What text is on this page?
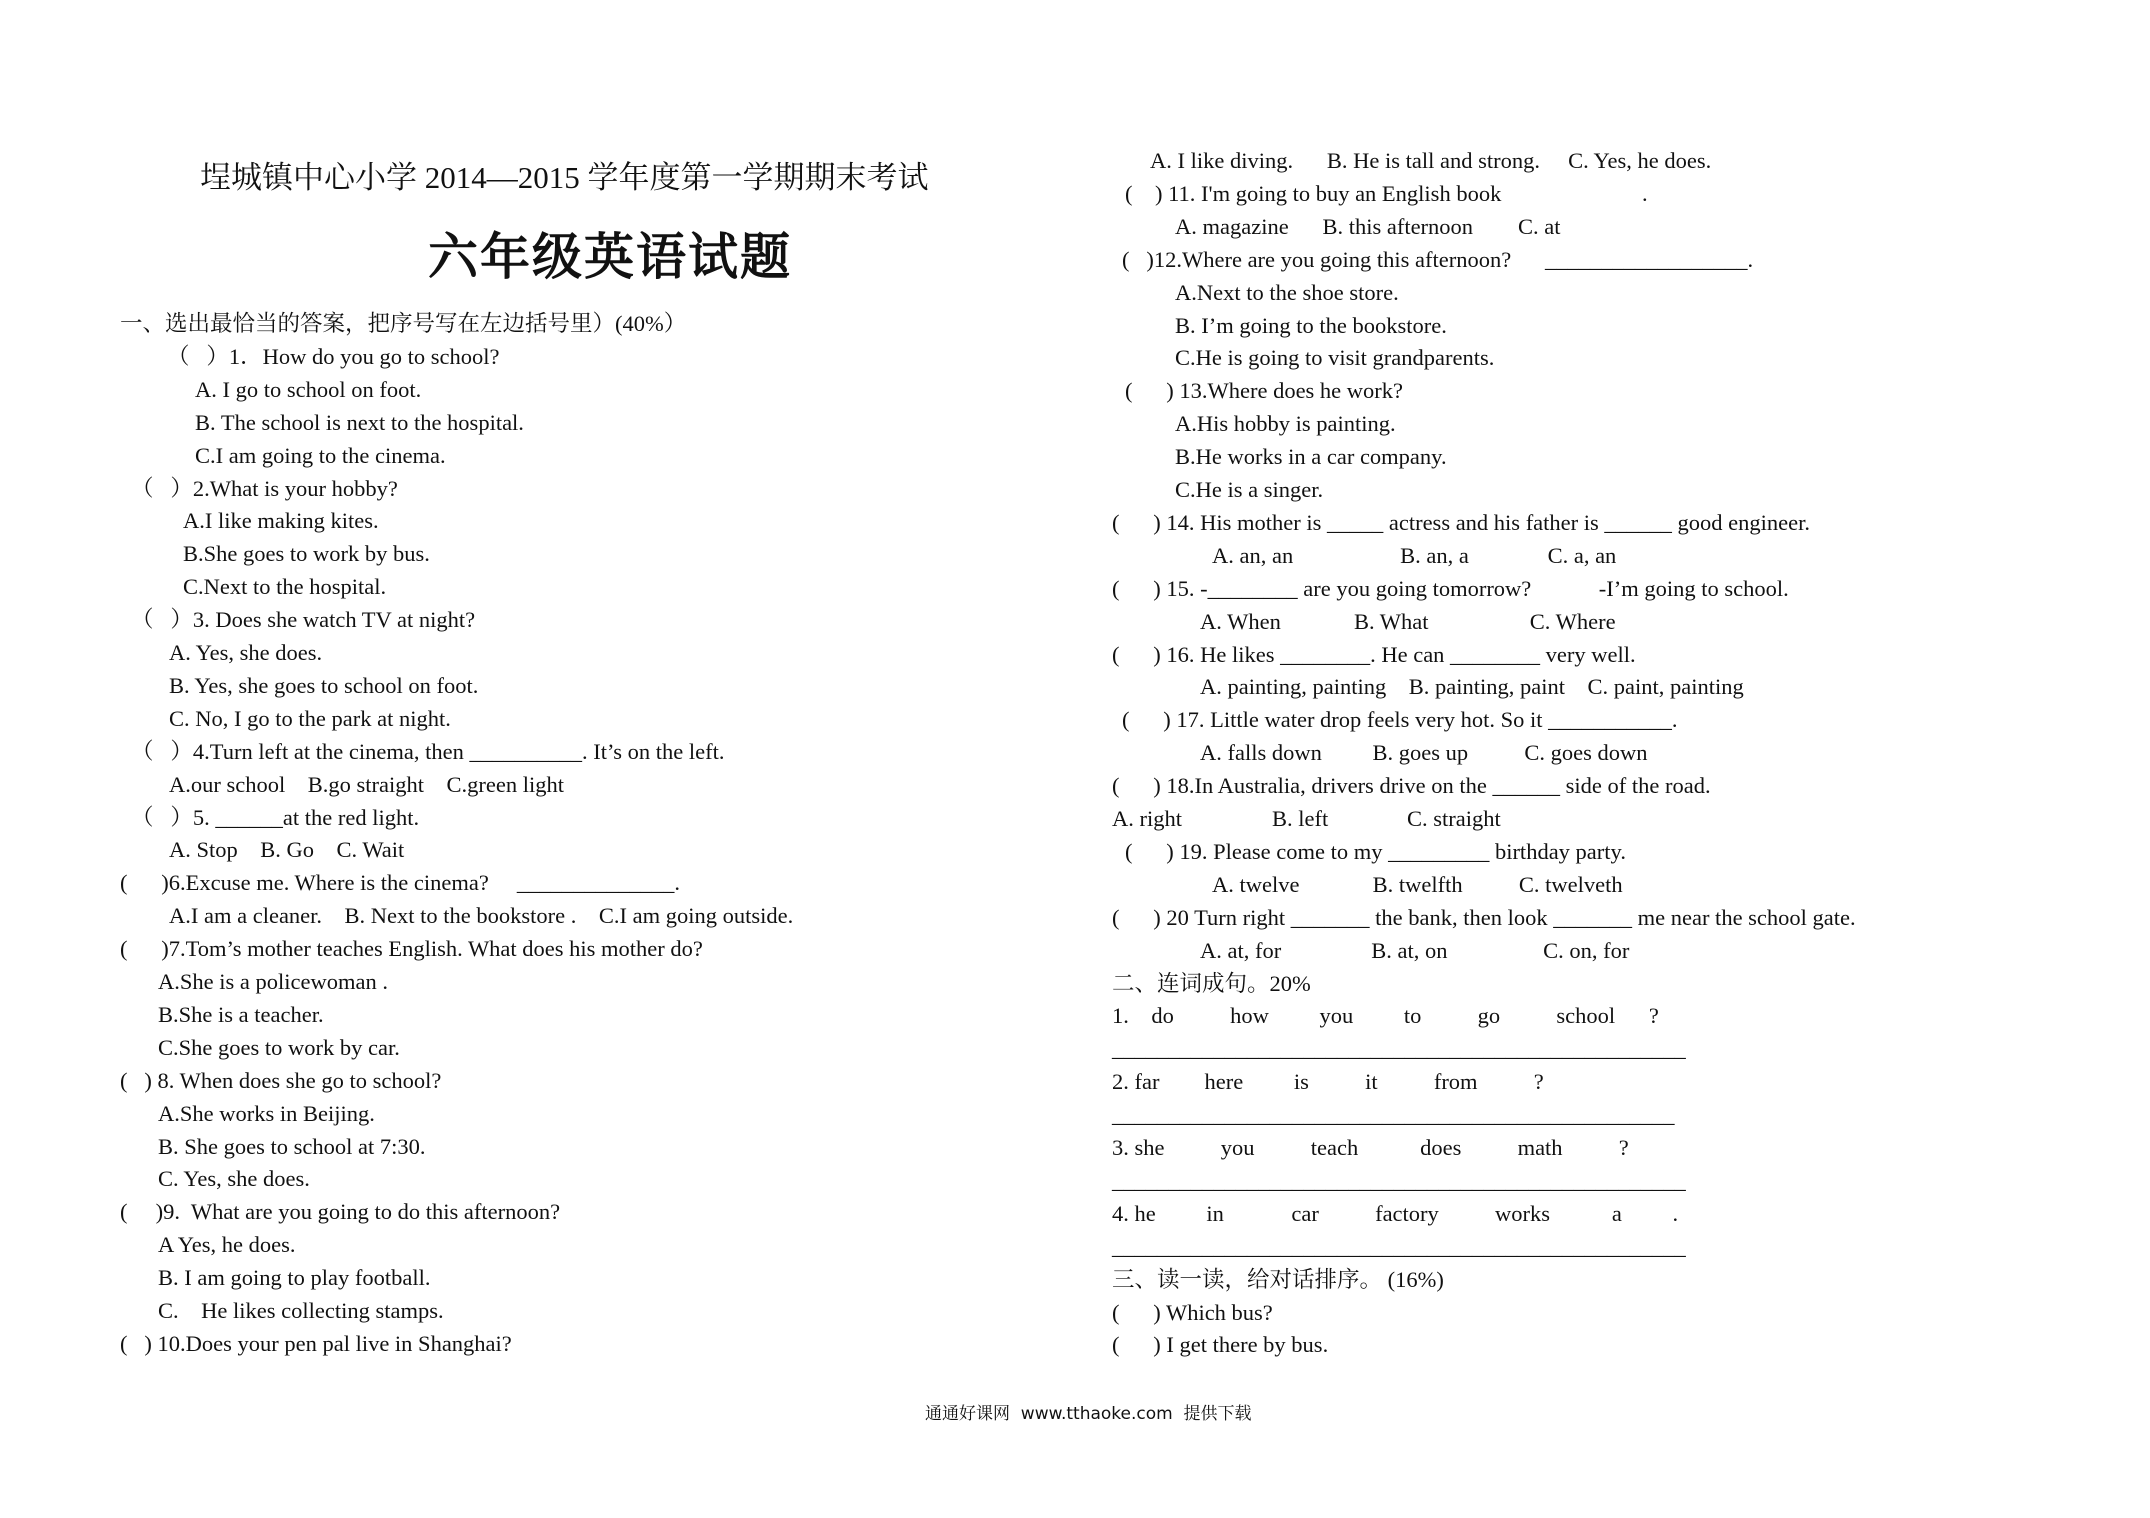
埕城镇中心小学 2014—2015 学年度第一学期期末考试
六年级英语试题
一、选出最恰当的答案，把序号写在左边括号里）(40%）
（   ）1．How do you go to school?
A. I go to school on foot.
B. The school is next to the hospital.
C.I am going to the cinema.
（   ）2.What is your hobby?
A.I like making kites.
B.She goes to work by bus.
C.Next to the hospital.
（   ）3. Does she watch TV at night?
A. Yes, she does.
B. Yes, she goes to school on foot.
C. No, I go to the park at night.
（   ）4.Turn left at the cinema, then __________. It’s on the left.
A.our school    B.go straight    C.green light
（   ）5. ______at the red light.
A. Stop    B. Go    C. Wait
(      )6.Excuse me. Where is the cinema?     ______________.
A.I am a cleaner.    B. Next to the bookstore .    C.I am going outside.
(      )7.Tom’s mother teaches English. What does his mother do?
A.She is a policewoman .
B.She is a teacher.
C.She goes to work by car.
(   ) 8. When does she go to school?
A.She works in Beijing.
B. She goes to school at 7:30.
C. Yes, she does.
(     )9.  What are you going to do this afternoon?
A Yes, he does.
B. I am going to play football.
C.    He likes collecting stamps.
(   ) 10.Does your pen pal live in Shanghai?
A. I like diving.      B. He is tall and strong.     C. Yes, he does.
(    ) 11. I'm going to buy an English book                         .
A. magazine      B. this afternoon        C. at
(   )12.Where are you going this afternoon?      __________________.
A.Next to the shoe store.
B. I’m going to the bookstore.
C.He is going to visit grandparents.
(      ) 13.Where does he work?
A.His hobby is painting.
B.He works in a car company.
C.He is a singer.
(      ) 14. His mother is _____ actress and his father is ______ good engineer.
A. an, an                   B. an, a              C. a, an
(      ) 15. -________ are you going tomorrow?            -I’m going to school.
A. When             B. What                  C. Where
(      ) 16. He likes ________. He can ________ very well.
A. painting, painting    B. painting, paint    C. paint, painting
(      ) 17. Little water drop feels very hot. So it ___________.
A. falls down         B. goes up          C. goes down
(      ) 18.In Australia, drivers drive on the ______ side of the road.
A. right                B. left              C. straight
(      ) 19. Please come to my _________ birthday party.
A. twelve             B. twelfth          C. twelveth
(      ) 20 Turn right _______ the bank, then look _______ me near the school gate.
A. at, for                B. at, on                 C. on, for
二、连词成句。20%
1.    do          how         you         to          go          school      ?
___________________________________________________
2. far        here         is          it          from          ?
__________________________________________________
3. she          you          teach           does          math          ?
___________________________________________________
4. he         in            car          factory          works           a         .
___________________________________________________
三、读一读，给对话排序。 (16%)
(      ) Which bus?
(      ) I get there by bus.
通通好课网  www.tthaoke.com  提供下载
